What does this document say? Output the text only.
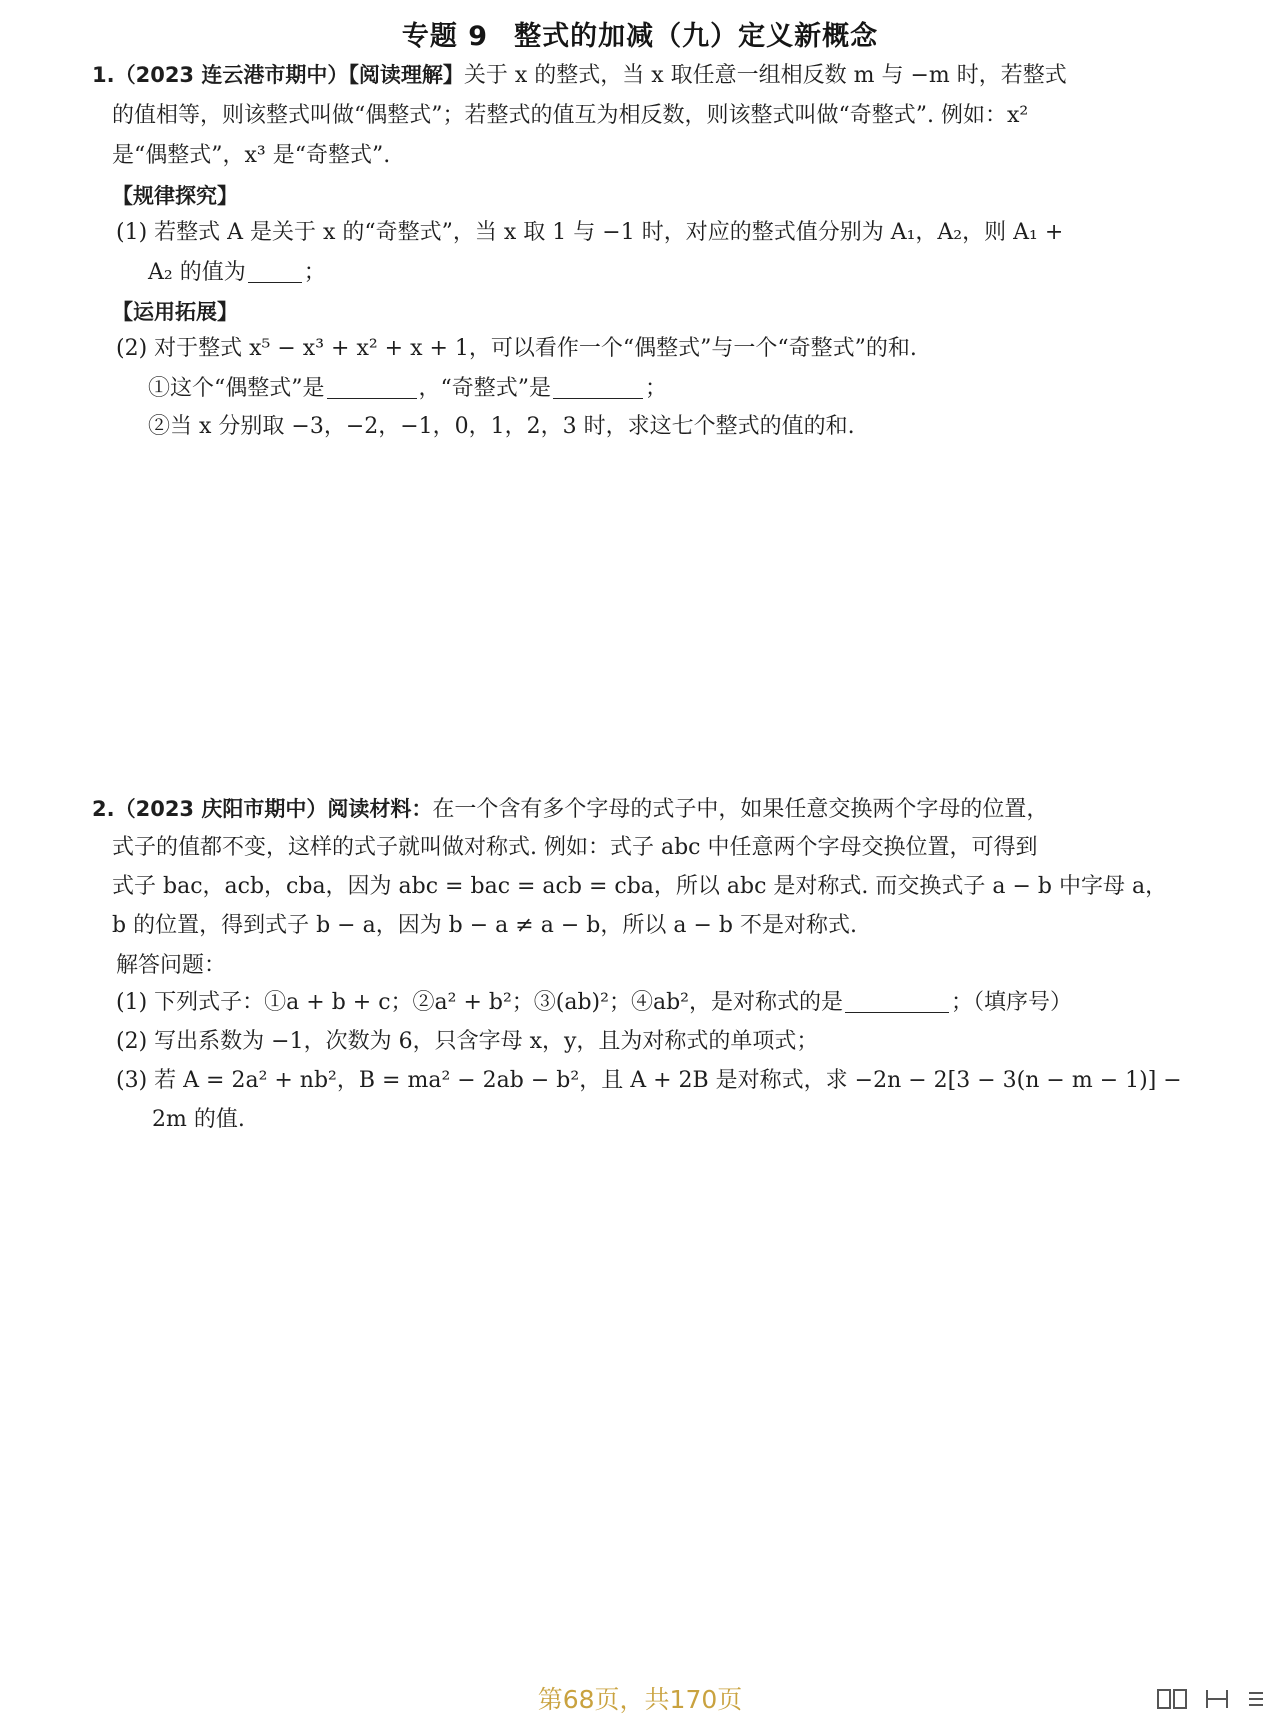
专题 9 整式的加减（九）定义新概念
1.（2023 连云港市期中）【阅读理解】关于 x 的整式，当 x 取任意一组相反数 m 与 −m 时，若整式
的值相等，则该整式叫做“偶整式”；若整式的值互为相反数，则该整式叫做“奇整式”. 例如：x²
是“偶整式”，x³ 是“奇整式”.
【规律探究】
(1) 若整式 A 是关于 x 的“奇整式”，当 x 取 1 与 −1 时，对应的整式值分别为 A₁，A₂，则 A₁ +
A₂ 的值为	；
【运用拓展】
(2) 对于整式 x⁵ − x³ + x² + x + 1，可以看作一个“偶整式”与一个“奇整式”的和.
①这个“偶整式”是	，“奇整式”是	；
②当 x 分别取 −3，−2，−1，0，1，2，3 时，求这七个整式的值的和.
2.（2023 庆阳市期中）阅读材料：在一个含有多个字母的式子中，如果任意交换两个字母的位置，
式子的值都不变，这样的式子就叫做对称式. 例如：式子 abc 中任意两个字母交换位置，可得到
式子 bac，acb，cba，因为 abc = bac = acb = cba，所以 abc 是对称式. 而交换式子 a − b 中字母 a，
b 的位置，得到式子 b − a，因为 b − a ≠ a − b，所以 a − b 不是对称式.
解答问题：
(1) 下列式子：①a + b + c；②a² + b²；③(ab)²；④ab²，是对称式的是	；（填序号）
(2) 写出系数为 −1，次数为 6，只含字母 x，y，且为对称式的单项式；
(3) 若 A = 2a² + nb²，B = ma² − 2ab − b²，且 A + 2B 是对称式，求 −2n − 2[3 − 3(n − m − 1)] −
2m 的值.
第68页，共170页
